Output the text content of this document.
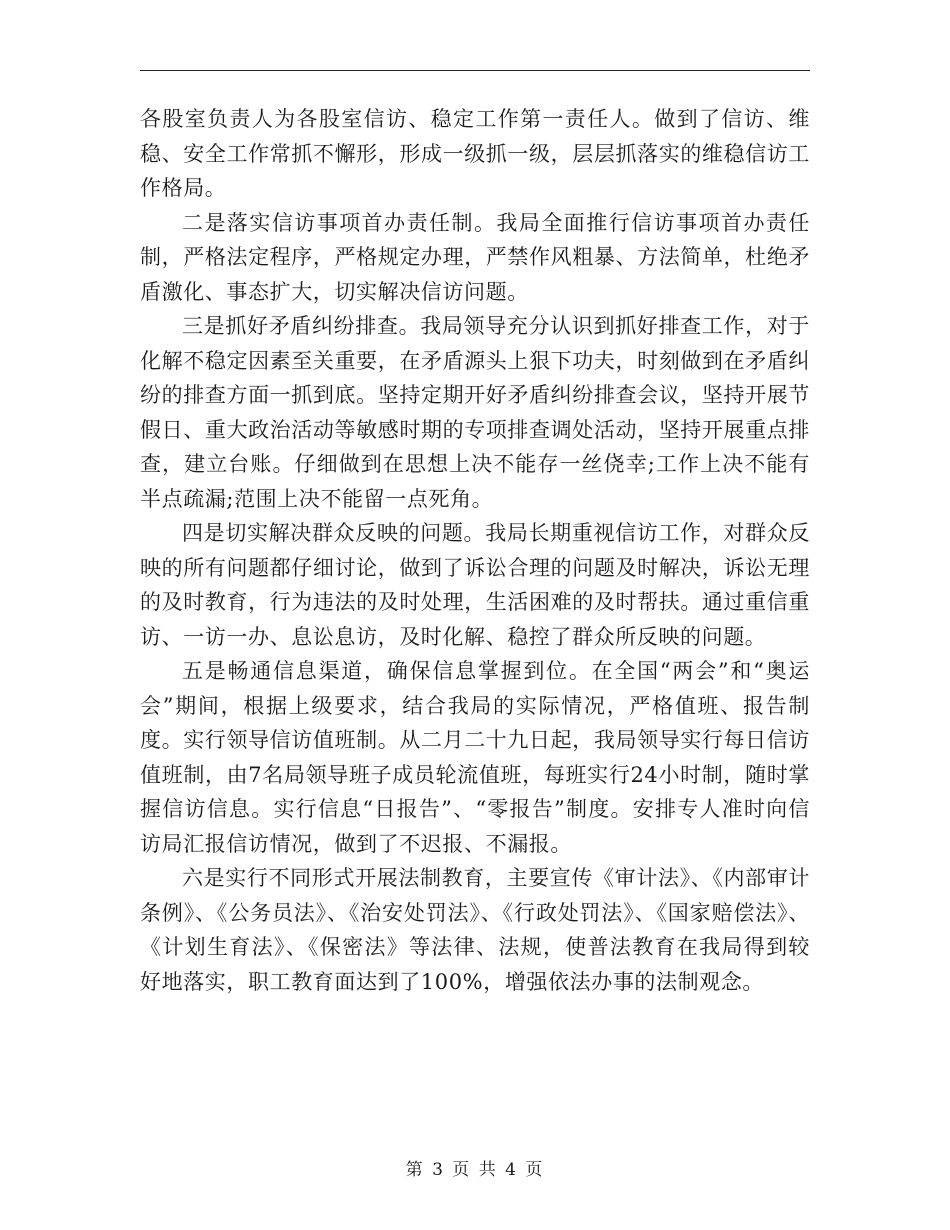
各股室负责人为各股室信访、稳定工作第一责任人。做到了信访、维稳、安全工作常抓不懈形，形成一级抓一级，层层抓落实的维稳信访工作格局。

二是落实信访事项首办责任制。我局全面推行信访事项首办责任制，严格法定程序，严格规定办理，严禁作风粗暴、方法简单，杜绝矛盾激化、事态扩大，切实解决信访问题。

三是抓好矛盾纠纷排查。我局领导充分认识到抓好排查工作，对于化解不稳定因素至关重要，在矛盾源头上狠下功夫，时刻做到在矛盾纠纷的排查方面一抓到底。坚持定期开好矛盾纠纷排查会议，坚持开展节假日、重大政治活动等敏感时期的专项排查调处活动，坚持开展重点排查，建立台账。仔细做到在思想上决不能存一丝侥幸;工作上决不能有半点疏漏;范围上决不能留一点死角。

四是切实解决群众反映的问题。我局长期重视信访工作，对群众反映的所有问题都仔细讨论，做到了诉讼合理的问题及时解决，诉讼无理的及时教育，行为违法的及时处理，生活困难的及时帮扶。通过重信重访、一访一办、息讼息访，及时化解、稳控了群众所反映的问题。

五是畅通信息渠道，确保信息掌握到位。在全国“两会”和“奥运会”期间，根据上级要求，结合我局的实际情况，严格值班、报告制度。实行领导信访值班制。从二月二十九日起，我局领导实行每日信访值班制，由7名局领导班子成员轮流值班，每班实行24小时制，随时掌握信访信息。实行信息“日报告”、“零报告”制度。安排专人准时向信访局汇报信访情况，做到了不迟报、不漏报。

六是实行不同形式开展法制教育，主要宣传《审计法》、《内部审计条例》、《公务员法》、《治安处罚法》、《行政处罚法》、《国家赔偿法》、《计划生育法》、《保密法》等法律、法规，使普法教育在我局得到较好地落实，职工教育面达到了100%，增强依法办事的法制观念。

第 3 页 共 4 页
